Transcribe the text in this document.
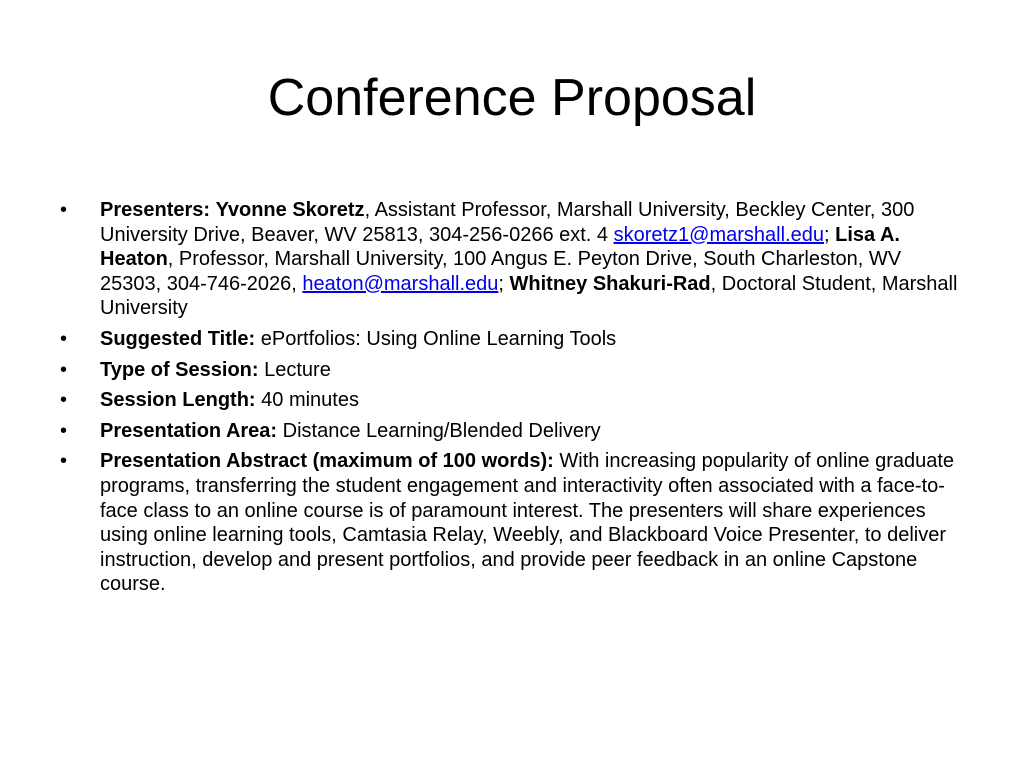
Conference Proposal
•	Presenters: Yvonne Skoretz, Assistant Professor, Marshall University, Beckley Center, 300 University Drive, Beaver, WV 25813, 304-256-0266 ext. 4 skoretz1@marshall.edu; Lisa A. Heaton, Professor, Marshall University, 100 Angus E. Peyton Drive, South Charleston, WV 25303, 304-746-2026, heaton@marshall.edu; Whitney Shakuri-Rad, Doctoral Student, Marshall University
•	Suggested Title: ePortfolios: Using Online Learning Tools
•	Type of Session: Lecture
•	Session Length: 40 minutes
•	Presentation Area: Distance Learning/Blended Delivery
•	Presentation Abstract (maximum of 100 words): With increasing popularity of online graduate programs, transferring the student engagement and interactivity often associated with a face-to-face class to an online course is of paramount interest. The presenters will share experiences using online learning tools, Camtasia Relay, Weebly, and Blackboard Voice Presenter, to deliver instruction, develop and present portfolios, and provide peer feedback in an online Capstone course.
